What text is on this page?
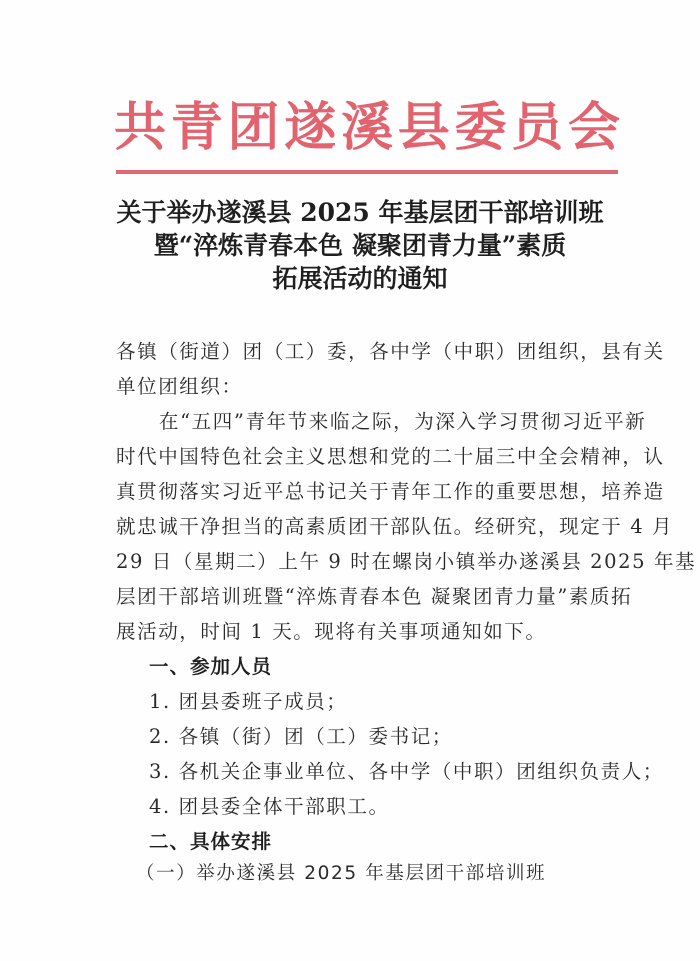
共 青 团 遂 溪 县 委 员 会
关于举办遂溪县 2025 年基层团干部培训班
暨“淬炼青春本色 凝聚团青力量”素质
拓展活动的通知
各镇（街道）团（工）委，各中学（中职）团组织，县有关
单位团组织：
在“五四”青年节来临之际，为深入学习贯彻习近平新
时代中国特色社会主义思想和党的二十届三中全会精神，认
真贯彻落实习近平总书记关于青年工作的重要思想，培养造
就忠诚干净担当的高素质团干部队伍。经研究，现定于 4 月
29 日（星期二）上午 9 时在螺岗小镇举办遂溪县 2025 年基
层团干部培训班暨“淬炼青春本色 凝聚团青力量”素质拓
展活动，时间 1 天。现将有关事项通知如下。
一、参加人员
1. 团县委班子成员；
2. 各镇（街）团（工）委书记；
3. 各机关企事业单位、各中学（中职）团组织负责人；
4. 团县委全体干部职工。
二、具体安排
（一）举办遂溪县 2025 年基层团干部培训班
